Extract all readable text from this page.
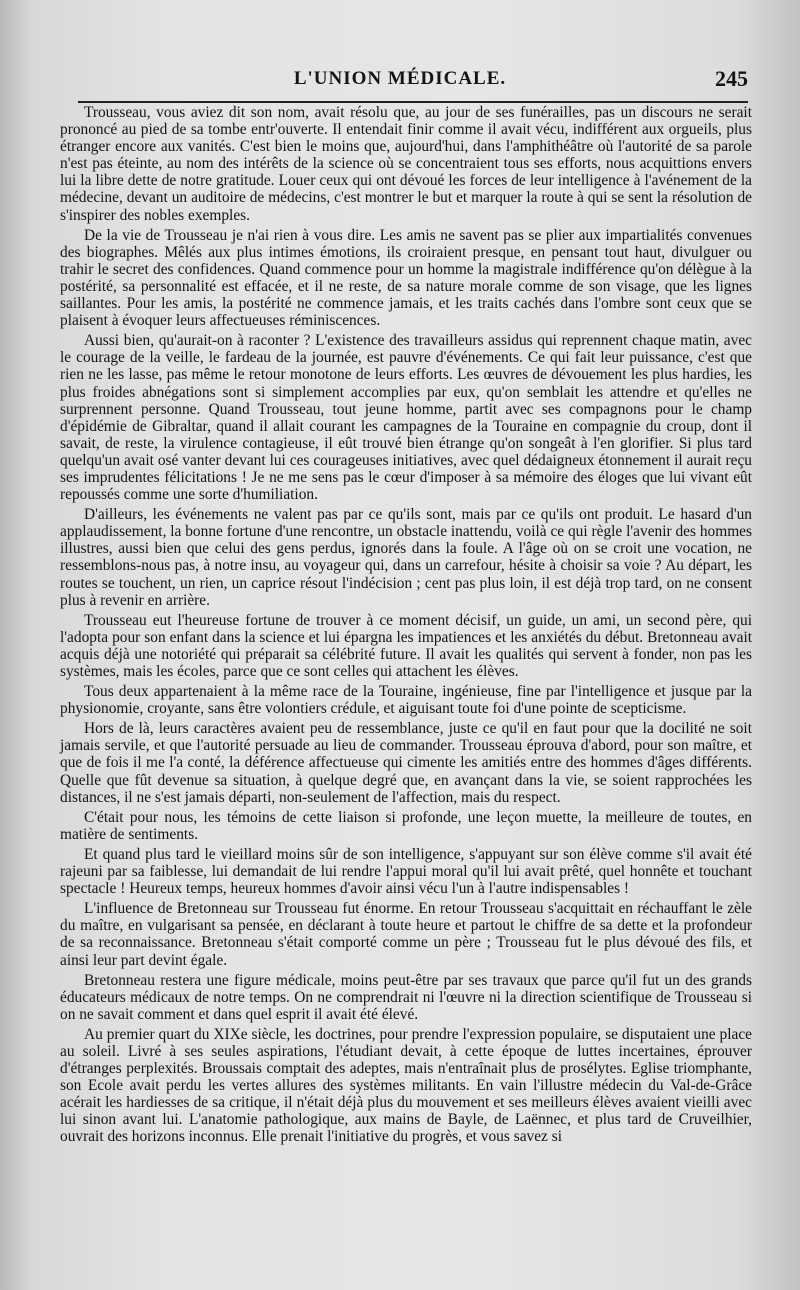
L'UNION MÉDICALE.	245

Trousseau, vous aviez dit son nom, avait résolu que, au jour de ses funérailles, pas un discours ne serait prononcé au pied de sa tombe entr'ouverte. Il entendait finir comme il avait vécu, indifférent aux orgueils, plus étranger encore aux vanités. C'est bien le moins que, aujourd'hui, dans l'amphithéâtre où l'autorité de sa parole n'est pas éteinte, au nom des intérêts de la science où se concentraient tous ses efforts, nous acquittions envers lui la libre dette de notre gratitude. Louer ceux qui ont dévoué les forces de leur intelligence à l'avénement de la médecine, devant un auditoire de médecins, c'est montrer le but et marquer la route à qui se sent la résolution de s'inspirer des nobles exemples.

De la vie de Trousseau je n'ai rien à vous dire. Les amis ne savent pas se plier aux impartialités convenues des biographes. Mêlés aux plus intimes émotions, ils croiraient presque, en pensant tout haut, divulguer ou trahir le secret des confidences. Quand commence pour un homme la magistrale indifférence qu'on délègue à la postérité, sa personnalité est effacée, et il ne reste, de sa nature morale comme de son visage, que les lignes saillantes. Pour les amis, la postérité ne commence jamais, et les traits cachés dans l'ombre sont ceux que se plaisent à évoquer leurs affectueuses réminiscences.

Aussi bien, qu'aurait-on à raconter ? L'existence des travailleurs assidus qui reprennent chaque matin, avec le courage de la veille, le fardeau de la journée, est pauvre d'événements. Ce qui fait leur puissance, c'est que rien ne les lasse, pas même le retour monotone de leurs efforts. Les œuvres de dévouement les plus hardies, les plus froides abnégations sont si simplement accomplies par eux, qu'on semblait les attendre et qu'elles ne surprennent personne. Quand Trousseau, tout jeune homme, partit avec ses compagnons pour le champ d'épidémie de Gibraltar, quand il allait courant les campagnes de la Touraine en compagnie du croup, dont il savait, de reste, la virulence contagieuse, il eût trouvé bien étrange qu'on songeât à l'en glorifier. Si plus tard quelqu'un avait osé vanter devant lui ces courageuses initiatives, avec quel dédaigneux étonnement il aurait reçu ses imprudentes félicitations ! Je ne me sens pas le cœur d'imposer à sa mémoire des éloges que lui vivant eût repoussés comme une sorte d'humiliation.

D'ailleurs, les événements ne valent pas par ce qu'ils sont, mais par ce qu'ils ont produit. Le hasard d'un applaudissement, la bonne fortune d'une rencontre, un obstacle inattendu, voilà ce qui règle l'avenir des hommes illustres, aussi bien que celui des gens perdus, ignorés dans la foule. A l'âge où on se croit une vocation, ne ressemblons-nous pas, à notre insu, au voyageur qui, dans un carrefour, hésite à choisir sa voie ? Au départ, les routes se touchent, un rien, un caprice résout l'indécision ; cent pas plus loin, il est déjà trop tard, on ne consent plus à revenir en arrière.

Trousseau eut l'heureuse fortune de trouver à ce moment décisif, un guide, un ami, un second père, qui l'adopta pour son enfant dans la science et lui épargna les impatiences et les anxiétés du début. Bretonneau avait acquis déjà une notoriété qui préparait sa célébrité future. Il avait les qualités qui servent à fonder, non pas les systèmes, mais les écoles, parce que ce sont celles qui attachent les élèves.

Tous deux appartenaient à la même race de la Touraine, ingénieuse, fine par l'intelligence et jusque par la physionomie, croyante, sans être volontiers crédule, et aiguisant toute foi d'une pointe de scepticisme.

Hors de là, leurs caractères avaient peu de ressemblance, juste ce qu'il en faut pour que la docilité ne soit jamais servile, et que l'autorité persuade au lieu de commander. Trousseau éprouva d'abord, pour son maître, et que de fois il me l'a conté, la déférence affectueuse qui cimente les amitiés entre des hommes d'âges différents. Quelle que fût devenue sa situation, à quelque degré que, en avançant dans la vie, se soient rapprochées les distances, il ne s'est jamais départi, non-seulement de l'affection, mais du respect.

C'était pour nous, les témoins de cette liaison si profonde, une leçon muette, la meilleure de toutes, en matière de sentiments.

Et quand plus tard le vieillard moins sûr de son intelligence, s'appuyant sur son élève comme s'il avait été rajeuni par sa faiblesse, lui demandait de lui rendre l'appui moral qu'il lui avait prêté, quel honnête et touchant spectacle ! Heureux temps, heureux hommes d'avoir ainsi vécu l'un à l'autre indispensables !

L'influence de Bretonneau sur Trousseau fut énorme. En retour Trousseau s'acquittait en réchauffant le zèle du maître, en vulgarisant sa pensée, en déclarant à toute heure et partout le chiffre de sa dette et la profondeur de sa reconnaissance. Bretonneau s'était comporté comme un père ; Trousseau fut le plus dévoué des fils, et ainsi leur part devint égale.

Bretonneau restera une figure médicale, moins peut-être par ses travaux que parce qu'il fut un des grands éducateurs médicaux de notre temps. On ne comprendrait ni l'œuvre ni la direction scientifique de Trousseau si on ne savait comment et dans quel esprit il avait été élevé.

Au premier quart du XIXe siècle, les doctrines, pour prendre l'expression populaire, se disputaient une place au soleil. Livré à ses seules aspirations, l'étudiant devait, à cette époque de luttes incertaines, éprouver d'étranges perplexités. Broussais comptait des adeptes, mais n'entraînait plus de prosélytes. Eglise triomphante, son Ecole avait perdu les vertes allures des systèmes militants. En vain l'illustre médecin du Val-de-Grâce acérait les hardiesses de sa critique, il n'était déjà plus du mouvement et ses meilleurs élèves avaient vieilli avec lui sinon avant lui. L'anatomie pathologique, aux mains de Bayle, de Laënnec, et plus tard de Cruveilhier, ouvrait des horizons inconnus. Elle prenait l'initiative du progrès, et vous savez si
